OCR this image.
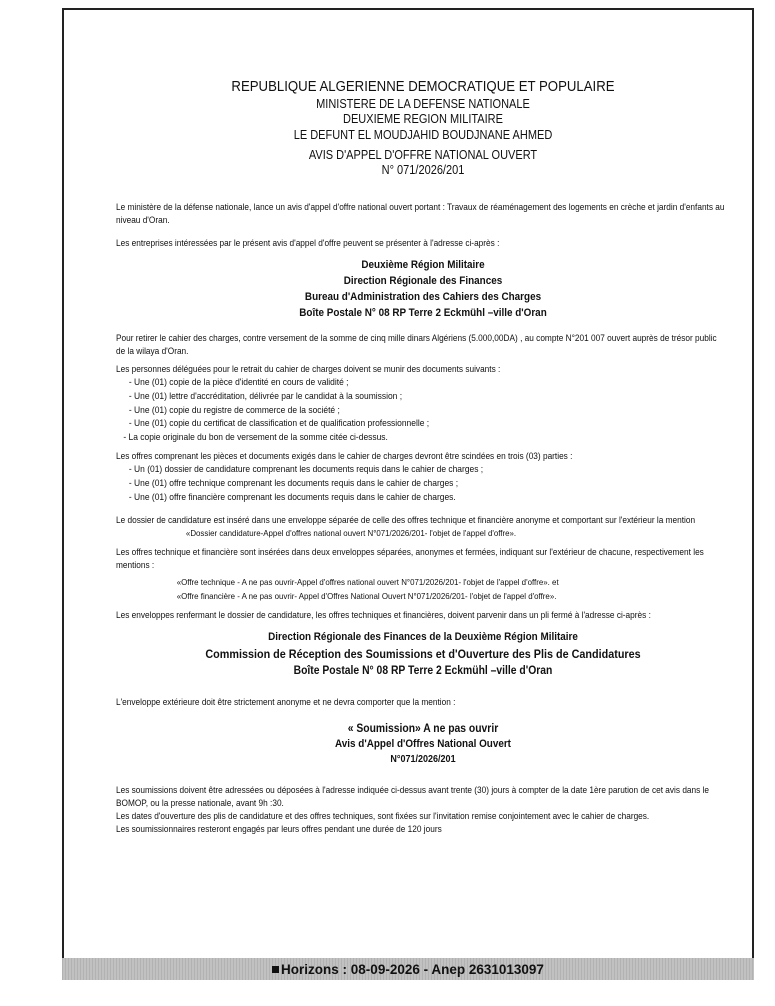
REPUBLIQUE ALGERIENNE DEMOCRATIQUE ET POPULAIRE
MINISTERE DE LA DEFENSE NATIONALE
DEUXIEME REGION MILITAIRE
LE DEFUNT EL MOUDJAHID BOUDJNANE AHMED
AVIS D'APPEL D'OFFRE NATIONAL OUVERT
N° 071/2026/201

Le ministère de la défense nationale, lance un avis d'appel d'offre national ouvert portant : Travaux de réaménagement des logements en crèche et jardin d'enfants au niveau d'Oran.

Les entreprises intéressées par le présent avis d'appel d'offre peuvent se présenter à l'adresse ci-après :

Deuxième Région Militaire
Direction Régionale des Finances
Bureau d'Administration des Cahiers des Charges
Boîte Postale N° 08 RP Terre 2 Eckmühl –ville d'Oran

Pour retirer le cahier des charges, contre versement de la somme de cinq mille dinars Algériens (5.000,00DA) , au compte N°201 007 ouvert auprès de trésor public de la wilaya d'Oran.

Les personnes déléguées pour le retrait du cahier de charges doivent se munir des documents suivants :

- Une (01) copie de la pièce d'identité en cours de validité ;
- Une (01) lettre d'accréditation, délivrée par le candidat à la soumission ;
- Une (01) copie du registre de commerce de la société ;
- Une (01) copie du certificat de classification et de qualification professionnelle ;
- La copie originale du bon de versement de la somme citée ci-dessus.

Les offres comprenant les pièces et documents exigés dans le cahier de charges devront être scindées en trois (03) parties :

- Un (01) dossier de candidature comprenant les documents requis dans le cahier de charges ;
- Une (01) offre technique comprenant les documents requis dans le cahier de charges ;
- Une (01) offre financière comprenant les documents requis dans le cahier de charges.

Le dossier de candidature est inséré dans une enveloppe séparée de celle des offres technique et financière anonyme et comportant sur l'extérieur la mention

«Dossier candidature-Appel d'offres national ouvert N°071/2026/201- l'objet de l'appel d'offre».

Les offres technique et financière sont insérées dans deux enveloppes séparées, anonymes et fermées, indiquant sur l'extérieur de chacune, respectivement les mentions :

«Offre technique - A ne pas ouvrir-Appel d'offres national ouvert N°071/2026/201- l'objet de l'appel d'offre». et
«Offre financière - A ne pas ouvrir- Appel d'Offres National Ouvert N°071/2026/201- l'objet de l'appel d'offre».

Les enveloppes renfermant le dossier de candidature, les offres techniques et financières, doivent parvenir dans un pli fermé à l'adresse ci-après :

Direction Régionale des Finances de la Deuxième Région Militaire
Commission de Réception des Soumissions et d'Ouverture des Plis de Candidatures
Boîte Postale N° 08 RP Terre 2 Eckmühl –ville d'Oran

L'enveloppe extérieure doit être strictement anonyme et ne devra comporter que la mention :

« Soumission» A ne pas ouvrir
Avis d'Appel d'Offres National Ouvert
N°071/2026/201

Les soumissions doivent être adressées ou déposées à l'adresse indiquée ci-dessus avant trente (30) jours à compter de la date 1ère parution de cet avis dans le BOMOP, ou la presse nationale, avant 9h :30.

Les dates d'ouverture des plis de candidature et des offres techniques, sont fixées sur l'invitation remise conjointement avec le cahier de charges.

Les soumissionnaires resteront engagés par leurs offres pendant une durée de 120 jours

Horizons : 08-09-2026 - Anep 2631013097
